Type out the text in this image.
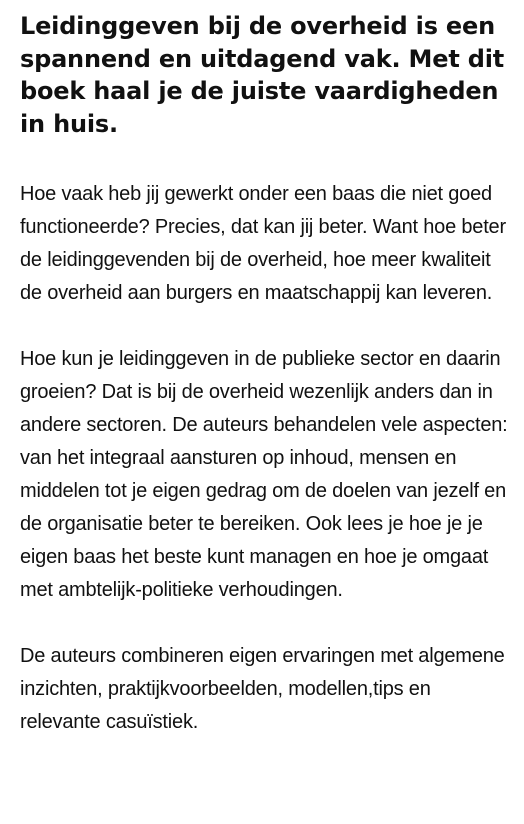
Leidinggeven bij de overheid is een spannend en uitdagend vak. Met dit boek haal je de juiste vaardigheden in huis.

Hoe vaak heb jij gewerkt onder een baas die niet goed functioneerde? Precies, dat kan jij beter. Want hoe beter de leidinggevenden bij de overheid, hoe meer kwaliteit de overheid aan burgers en maatschappij kan leveren.

Hoe kun je leidinggeven in de publieke sector en daarin groeien? Dat is bij de overheid wezenlijk anders dan in andere sectoren. De auteurs behandelen vele aspecten: van het integraal aansturen op inhoud, mensen en middelen tot je eigen gedrag om de doelen van jezelf en de organisatie beter te bereiken. Ook lees je hoe je je eigen baas het beste kunt managen en hoe je omgaat met ambtelijk-politieke verhoudingen.

De auteurs combineren eigen ervaringen met algemene inzichten, praktijkvoorbeelden, modellen,tips en relevante casuïstiek.
